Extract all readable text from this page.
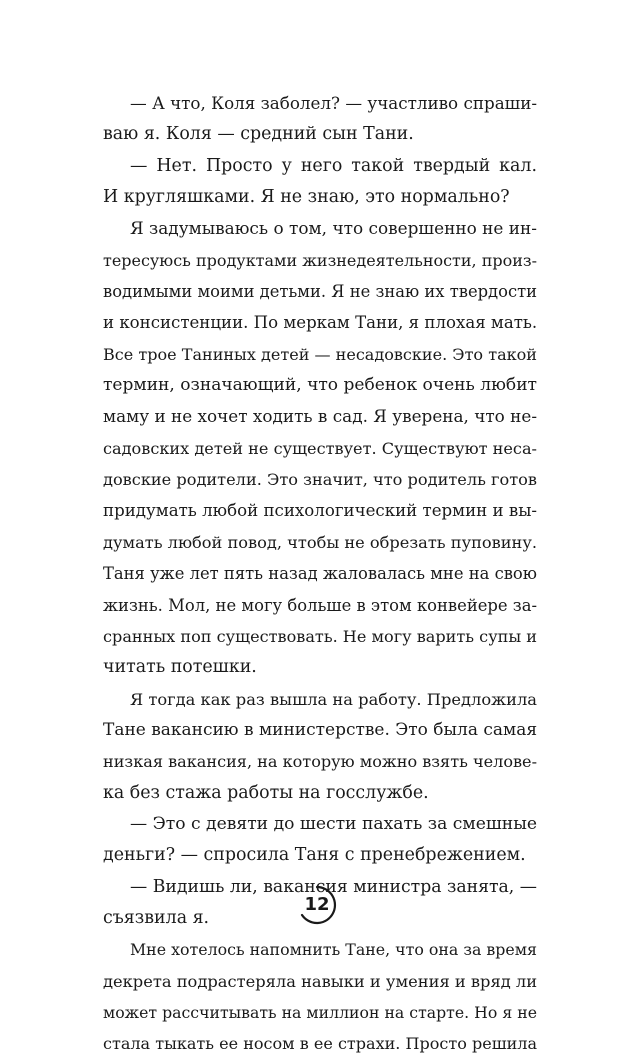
— А что, Коля заболел? — участливо спраши-
ваю я. Коля — средний сын Тани.
— Нет. Просто у него такой твердый кал.
И кругляшками. Я не знаю, это нормально?
Я задумываюсь о том, что совершенно не ин-
тересуюсь продуктами жизнедеятельности, произ-
водимыми моими детьми. Я не знаю их твердости
и консистенции. По меркам Тани, я плохая мать.
Все трое Таниных детей — несадовские. Это такой
термин, означающий, что ребенок очень любит
маму и не хочет ходить в сад. Я уверена, что не-
садовских детей не существует. Существуют несa-
довские родители. Это значит, что родитель готов
придумать любой психологический термин и вы-
думать любой повод, чтобы не обрезать пуповину.
Таня уже лет пять назад жаловалась мне на свою
жизнь. Мол, не могу больше в этом конвейере за-
сранных поп существовать. Не могу варить супы и
читать потешки.
Я тогда как раз вышла на работу. Предложила
Тане вакансию в министерстве. Это была самая
низкая вакансия, на которую можно взять челове-
ка без стажа работы на госслужбе.
— Это с девяти до шести пахать за смешные
деньги? — спросила Таня с пренебрежением.
— Видишь ли, вакансия министра занята, —
съязвила я.
Мне хотелось напомнить Тане, что она за время
декрета подрастеряла навыки и умения и вряд ли
может рассчитывать на миллион на старте. Но я не
стала тыкать ее носом в ее страхи. Просто решила
12
